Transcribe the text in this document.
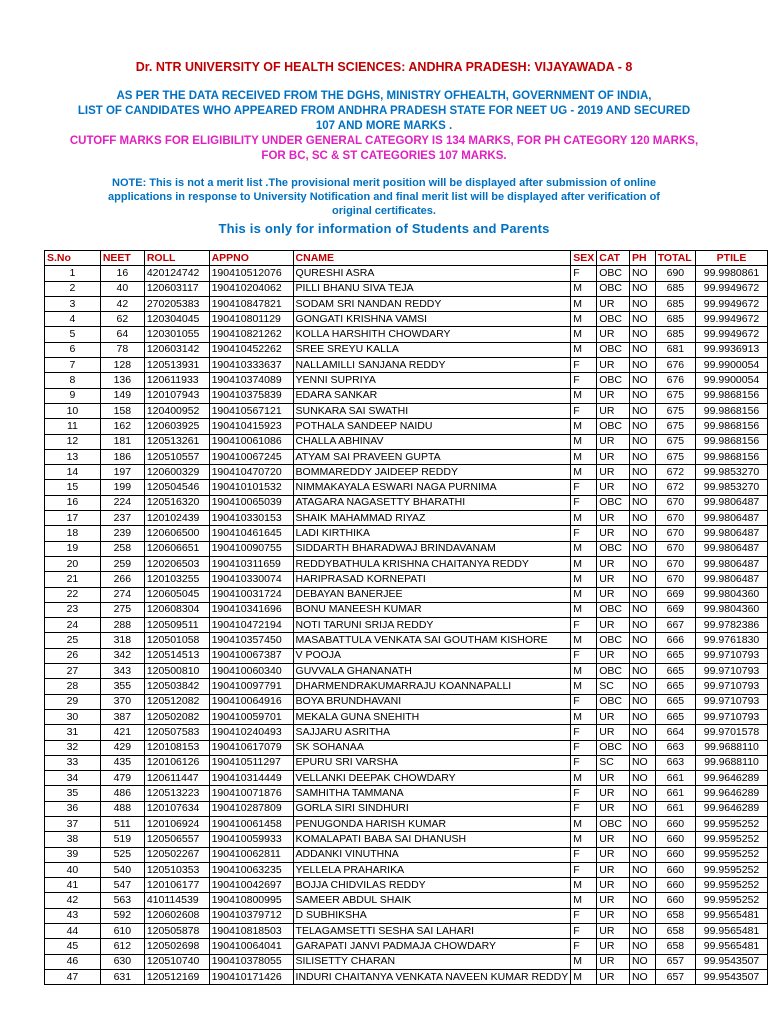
Dr. NTR UNIVERSITY OF HEALTH SCIENCES: ANDHRA PRADESH: VIJAYAWADA - 8
AS PER THE DATA RECEIVED FROM THE DGHS, MINISTRY OFHEALTH, GOVERNMENT OF INDIA,
LIST OF CANDIDATES WHO APPEARED FROM ANDHRA PRADESH STATE FOR NEET UG - 2019 AND SECURED
107 AND MORE MARKS .
CUTOFF MARKS FOR ELIGIBILITY UNDER GENERAL CATEGORY IS 134 MARKS, FOR PH CATEGORY 120 MARKS,
FOR BC, SC & ST CATEGORIES 107 MARKS.
NOTE: This is not a merit list .The provisional merit position will be displayed after submission of online
applications in response to University Notification and final merit list will be displayed after verification of
original certificates.
This is only for information of Students and Parents
S.No	NEET	ROLL	APPNO	CNAME	SEX	CAT	PH	TOTAL	PTILE
1	16	420124742	190410512076	QURESHI ASRA	F	OBC	NO	690	99.9980861
2	40	120603117	190410204062	PILLI BHANU SIVA TEJA	M	OBC	NO	685	99.9949672
3	42	270205383	190410847821	SODAM SRI NANDAN REDDY	M	UR	NO	685	99.9949672
4	62	120304045	190410801129	GONGATI KRISHNA VAMSI	M	OBC	NO	685	99.9949672
5	64	120301055	190410821262	KOLLA HARSHITH CHOWDARY	M	UR	NO	685	99.9949672
6	78	120603142	190410452262	SREE SREYU KALLA	M	OBC	NO	681	99.9936913
7	128	120513931	190410333637	NALLAMILLI SANJANA REDDY	F	UR	NO	676	99.9900054
8	136	120611933	190410374089	YENNI SUPRIYA	F	OBC	NO	676	99.9900054
9	149	120107943	190410375839	EDARA SANKAR	M	UR	NO	675	99.9868156
10	158	120400952	190410567121	SUNKARA SAI SWATHI	F	UR	NO	675	99.9868156
11	162	120603925	190410415923	POTHALA SANDEEP NAIDU	M	OBC	NO	675	99.9868156
12	181	120513261	190410061086	CHALLA ABHINAV	M	UR	NO	675	99.9868156
13	186	120510557	190410067245	ATYAM SAI PRAVEEN GUPTA	M	UR	NO	675	99.9868156
14	197	120600329	190410470720	BOMMAREDDY JAIDEEP REDDY	M	UR	NO	672	99.9853270
15	199	120504546	190410101532	NIMMAKAYALA ESWARI NAGA PURNIMA	F	UR	NO	672	99.9853270
16	224	120516320	190410065039	ATAGARA NAGASETTY BHARATHI	F	OBC	NO	670	99.9806487
17	237	120102439	190410330153	SHAIK MAHAMMAD RIYAZ	M	UR	NO	670	99.9806487
18	239	120606500	190410461645	LADI KIRTHIKA	F	UR	NO	670	99.9806487
19	258	120606651	190410090755	SIDDARTH BHARADWAJ BRINDAVANAM	M	OBC	NO	670	99.9806487
20	259	120206503	190410311659	REDDYBATHULA KRISHNA CHAITANYA REDDY	M	UR	NO	670	99.9806487
21	266	120103255	190410330074	HARIPRASAD KORNEPATI	M	UR	NO	670	99.9806487
22	274	120605045	190410031724	DEBAYAN BANERJEE	M	UR	NO	669	99.9804360
23	275	120608304	190410341696	BONU MANEESH KUMAR	M	OBC	NO	669	99.9804360
24	288	120509511	190410472194	NOTI TARUNI SRIJA REDDY	F	UR	NO	667	99.9782386
25	318	120501058	190410357450	MASABATTULA VENKATA SAI GOUTHAM KISHORE	M	OBC	NO	666	99.9761830
26	342	120514513	190410067387	V POOJA	F	UR	NO	665	99.9710793
27	343	120500810	190410060340	GUVVALA GHANANATH	M	OBC	NO	665	99.9710793
28	355	120503842	190410097791	DHARMENDRAKUMARRAJU KOANNAPALLI	M	SC	NO	665	99.9710793
29	370	120512082	190410064916	BOYA BRUNDHAVANI	F	OBC	NO	665	99.9710793
30	387	120502082	190410059701	MEKALA GUNA SNEHITH	M	UR	NO	665	99.9710793
31	421	120507583	190410240493	SAJJARU ASRITHA	F	UR	NO	664	99.9701578
32	429	120108153	190410617079	SK SOHANAA	F	OBC	NO	663	99.9688110
33	435	120106126	190410511297	EPURU SRI VARSHA	F	SC	NO	663	99.9688110
34	479	120611447	190410314449	VELLANKI DEEPAK CHOWDARY	M	UR	NO	661	99.9646289
35	486	120513223	190410071876	SAMHITHA TAMMANA	F	UR	NO	661	99.9646289
36	488	120107634	190410287809	GORLA SIRI SINDHURI	F	UR	NO	661	99.9646289
37	511	120106924	190410061458	PENUGONDA HARISH KUMAR	M	OBC	NO	660	99.9595252
38	519	120506557	190410059933	KOMALAPATI BABA SAI DHANUSH	M	UR	NO	660	99.9595252
39	525	120502267	190410062811	ADDANKI VINUTHNA	F	UR	NO	660	99.9595252
40	540	120510353	190410063235	YELLELA PRAHARIKA	F	UR	NO	660	99.9595252
41	547	120106177	190410042697	BOJJA CHIDVILAS REDDY	M	UR	NO	660	99.9595252
42	563	410114539	190410800995	SAMEER ABDUL SHAIK	M	UR	NO	660	99.9595252
43	592	120602608	190410379712	D SUBHIKSHA	F	UR	NO	658	99.9565481
44	610	120505878	190410818503	TELAGAMSETTI SESHA SAI LAHARI	F	UR	NO	658	99.9565481
45	612	120502698	190410064041	GARAPATI JANVI PADMAJA CHOWDARY	F	UR	NO	658	99.9565481
46	630	120510740	190410378055	SILISETTY CHARAN	M	UR	NO	657	99.9543507
47	631	120512169	190410171426	INDURI CHAITANYA VENKATA NAVEEN KUMAR REDDY	M	UR	NO	657	99.9543507
